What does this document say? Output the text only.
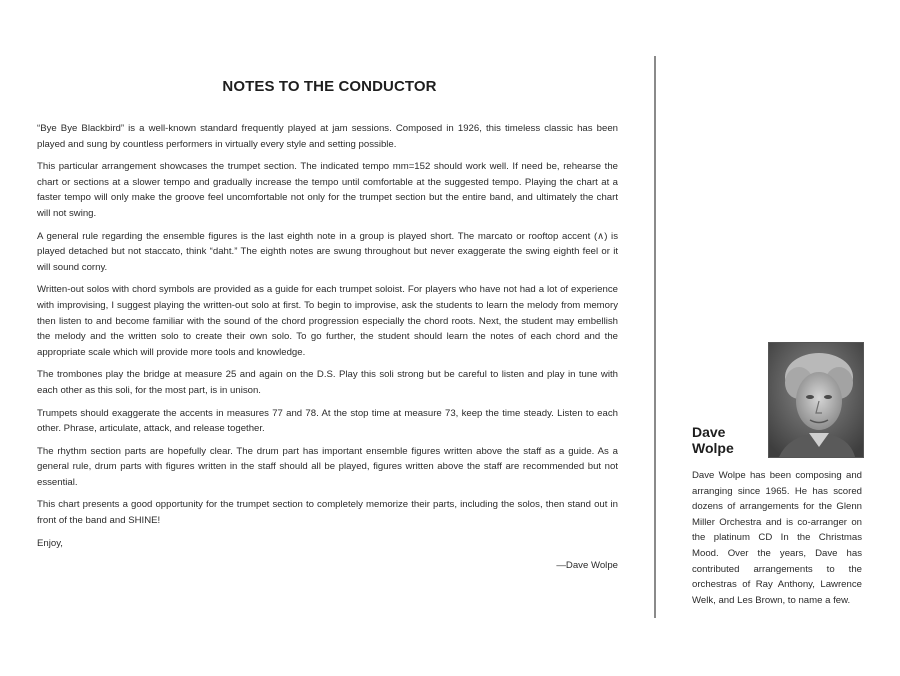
NOTES TO THE CONDUCTOR

“Bye Bye Blackbird” is a well-known standard frequently played at jam sessions. Composed in 1926, this timeless classic has been played and sung by countless performers in virtually every style and setting possible.

This particular arrangement showcases the trumpet section. The indicated tempo mm=152 should work well. If need be, rehearse the chart or sections at a slower tempo and gradually increase the tempo until comfortable at the suggested tempo. Playing the chart at a faster tempo will only make the groove feel uncomfortable not only for the trumpet section but the entire band, and ultimately the chart will not swing.

A general rule regarding the ensemble figures is the last eighth note in a group is played short. The marcato or rooftop accent (∧) is played detached but not staccato, think “daht.” The eighth notes are swung throughout but never exaggerate the swing eighth feel or it will sound corny.

Written-out solos with chord symbols are provided as a guide for each trumpet soloist. For players who have not had a lot of experience with improvising, I suggest playing the written-out solo at first. To begin to improvise, ask the students to learn the melody from memory then listen to and become familiar with the sound of the chord progression especially the chord roots. Next, the student may embellish the melody and the written solo to create their own solo. To go further, the student should learn the notes of each chord and the appropriate scale which will provide more tools and knowledge.

The trombones play the bridge at measure 25 and again on the D.S. Play this soli strong but be careful to listen and play in tune with each other as this soli, for the most part, is in unison.

Trumpets should exaggerate the accents in measures 77 and 78. At the stop time at measure 73, keep the time steady. Listen to each other. Phrase, articulate, attack, and release together.

The rhythm section parts are hopefully clear. The drum part has important ensemble figures written above the staff as a guide. As a general rule, drum parts with figures written in the staff should all be played, figures written above the staff are recommended but not essential.

This chart presents a good opportunity for the trumpet section to completely memorize their parts, including the solos, then stand out in front of the band and SHINE!

Enjoy,

—Dave Wolpe
Dave
Wolpe
Dave Wolpe has been composing and arranging since 1965. He has scored dozens of arrangements for the Glenn Miller Orchestra and is co-arranger on the platinum CD In the Christmas Mood. Over the years, Dave has contributed arrangements to the orchestras of Ray Anthony, Lawrence Welk, and Les Brown, to name a few.
